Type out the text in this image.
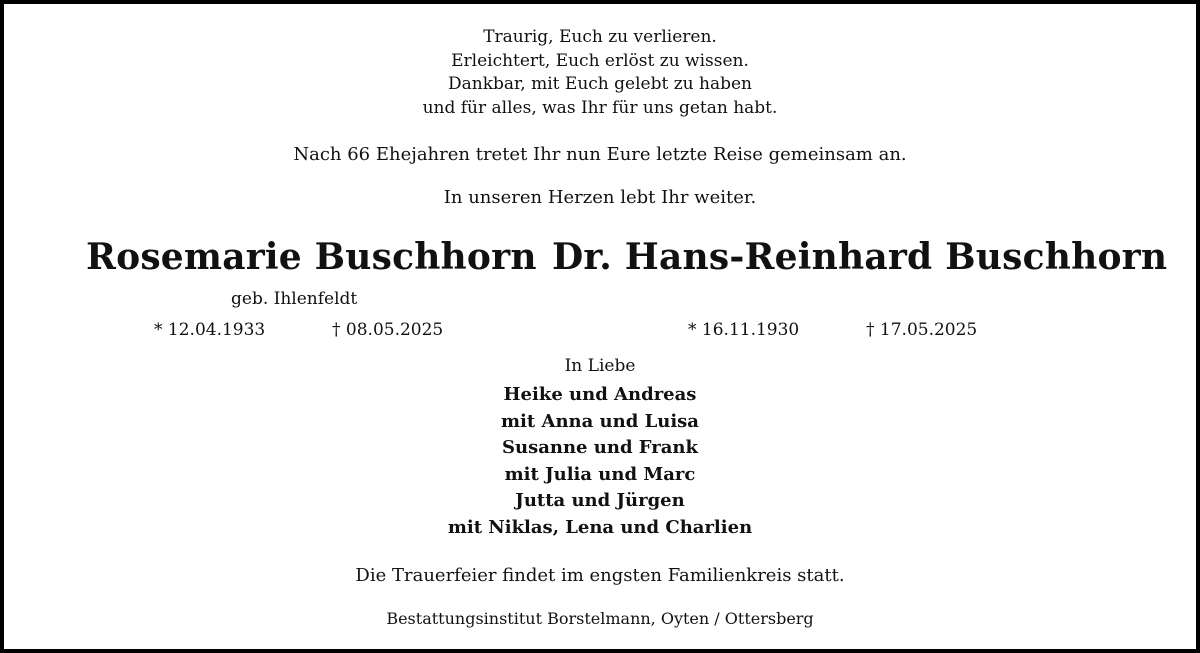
Traurig, Euch zu verlieren.
Erleichtert, Euch erlöst zu wissen.
Dankbar, mit Euch gelebt zu haben
und für alles, was Ihr für uns getan habt.
Nach 66 Ehejahren tretet Ihr nun Eure letzte Reise gemeinsam an.
In unseren Herzen lebt Ihr weiter.
Rosemarie Buschhorn Dr. Hans-Reinhard Buschhorn
geb. Ihlenfeldt
* 12.04.1933	† 08.05.2025	* 16.11.1930	† 17.05.2025
In Liebe
Heike und Andreas
mit Anna und Luisa
Susanne und Frank
mit Julia und Marc
Jutta und Jürgen
mit Niklas, Lena und Charlien
Die Trauerfeier findet im engsten Familienkreis statt.
Bestattungsinstitut Borstelmann, Oyten / Ottersberg
